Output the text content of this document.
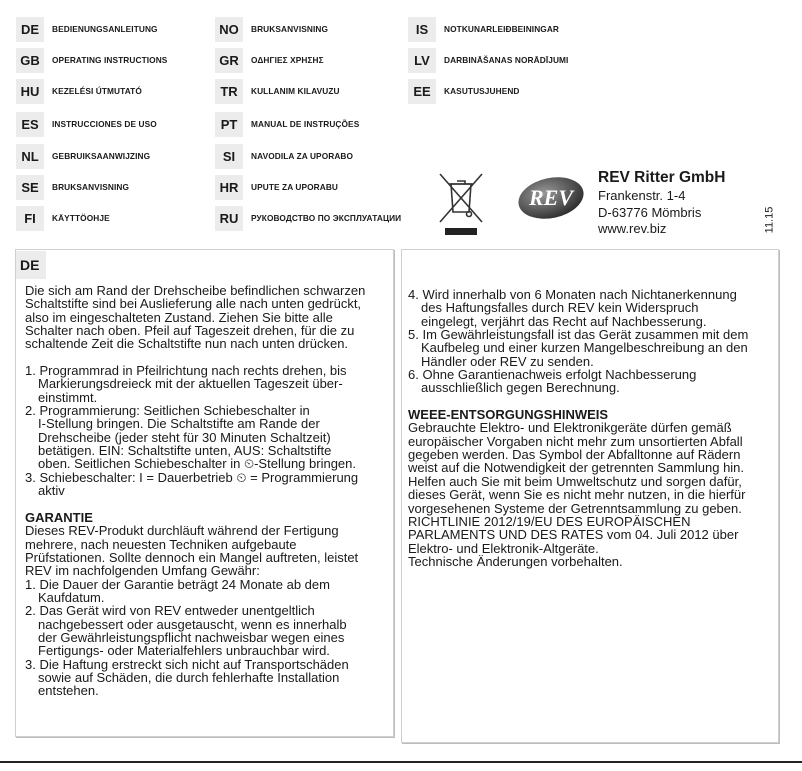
DE	BEDIENUNGSANLEITUNG
GB	OPERATING INSTRUCTIONS
HU	KEZELÉSI ÚTMUTATÓ
ES	INSTRUCCIONES DE USO
NL	GEBRUIKSAANWIJZING
SE	BRUKSANVISNING
FI	KÄYTTÖOHJE
NO	BRUKSANVISNING
GR	ΟΔΗΓΙΕΣ ΧΡΗΣΗΣ
TR	KULLANIM KILAVUZU
PT	MANUAL DE INSTRUÇÕES
SI	NAVODILA ZA UPORABO
HR	UPUTE ZA UPORABU
RU	РУКОВОДСТВО ПО ЭКСПЛУАТАЦИИ
IS	NOTKUNARLEIÐBEININGAR
LV	DARBINĀŠANAS NORĀDĪJUMI
EE	KASUTUSJUHEND
REV
REV Ritter GmbH
Frankenstr. 1-4
D-63776 Mömbris
www.rev.biz	11.15
DE
Die sich am Rand der Drehscheibe befindlichen schwarzen
Schaltstifte sind bei Auslieferung alle nach unten gedrückt,
also im eingeschalteten Zustand. Ziehen Sie bitte alle
Schalter nach oben. Pfeil auf Tageszeit drehen, für die zu
schaltende Zeit die Schaltstifte nun nach unten drücken.

1. Programmrad in Pfeilrichtung nach rechts drehen, bis
Markierungsdreieck mit der aktuellen Tageszeit über-
einstimmt.
2. Programmierung: Seitlichen Schiebeschalter in
I-Stellung bringen. Die Schaltstifte am Rande der
Drehscheibe (jeder steht für 30 Minuten Schaltzeit)
betätigen. EIN: Schaltstifte unten, AUS: Schaltstifte
oben. Seitlichen Schiebeschalter in ⏲-Stellung bringen.
3. Schiebeschalter: I = Dauerbetrieb ⏲ = Programmierung
aktiv

GARANTIE
Dieses REV-Produkt durchläuft während der Fertigung
mehrere, nach neuesten Techniken aufgebaute
Prüfstationen. Sollte dennoch ein Mangel auftreten, leistet
REV im nachfolgenden Umfang Gewähr:
1. Die Dauer der Garantie beträgt 24 Monate ab dem
Kaufdatum.
2. Das Gerät wird von REV entweder unentgeltlich
nachgebessert oder ausgetauscht, wenn es innerhalb
der Gewährleistungspflicht nachweisbar wegen eines
Fertigungs- oder Materialfehlers unbrauchbar wird.
3. Die Haftung erstreckt sich nicht auf Transportschäden
sowie auf Schäden, die durch fehlerhafte Installation
entstehen.
4. Wird innerhalb von 6 Monaten nach Nichtanerkennung
des Haftungsfalles durch REV kein Widerspruch
eingelegt, verjährt das Recht auf Nachbesserung.
5. Im Gewährleistungsfall ist das Gerät zusammen mit dem
Kaufbeleg und einer kurzen Mangelbeschreibung an den
Händler oder REV zu senden.
6. Ohne Garantienachweis erfolgt Nachbesserung
ausschließlich gegen Berechnung.

WEEE-ENTSORGUNGSHINWEIS
Gebrauchte Elektro- und Elektronikgeräte dürfen gemäß
europäischer Vorgaben nicht mehr zum unsortierten Abfall
gegeben werden. Das Symbol der Abfalltonne auf Rädern
weist auf die Notwendigkeit der getrennten Sammlung hin.
Helfen auch Sie mit beim Umweltschutz und sorgen dafür,
dieses Gerät, wenn Sie es nicht mehr nutzen, in die hierfür
vorgesehenen Systeme der Getrenntsammlung zu geben.
RICHTLINIE 2012/19/EU DES EUROPÄISCHEN
PARLAMENTS UND DES RATES vom 04. Juli 2012 über
Elektro- und Elektronik-Altgeräte.
Technische Änderungen vorbehalten.
